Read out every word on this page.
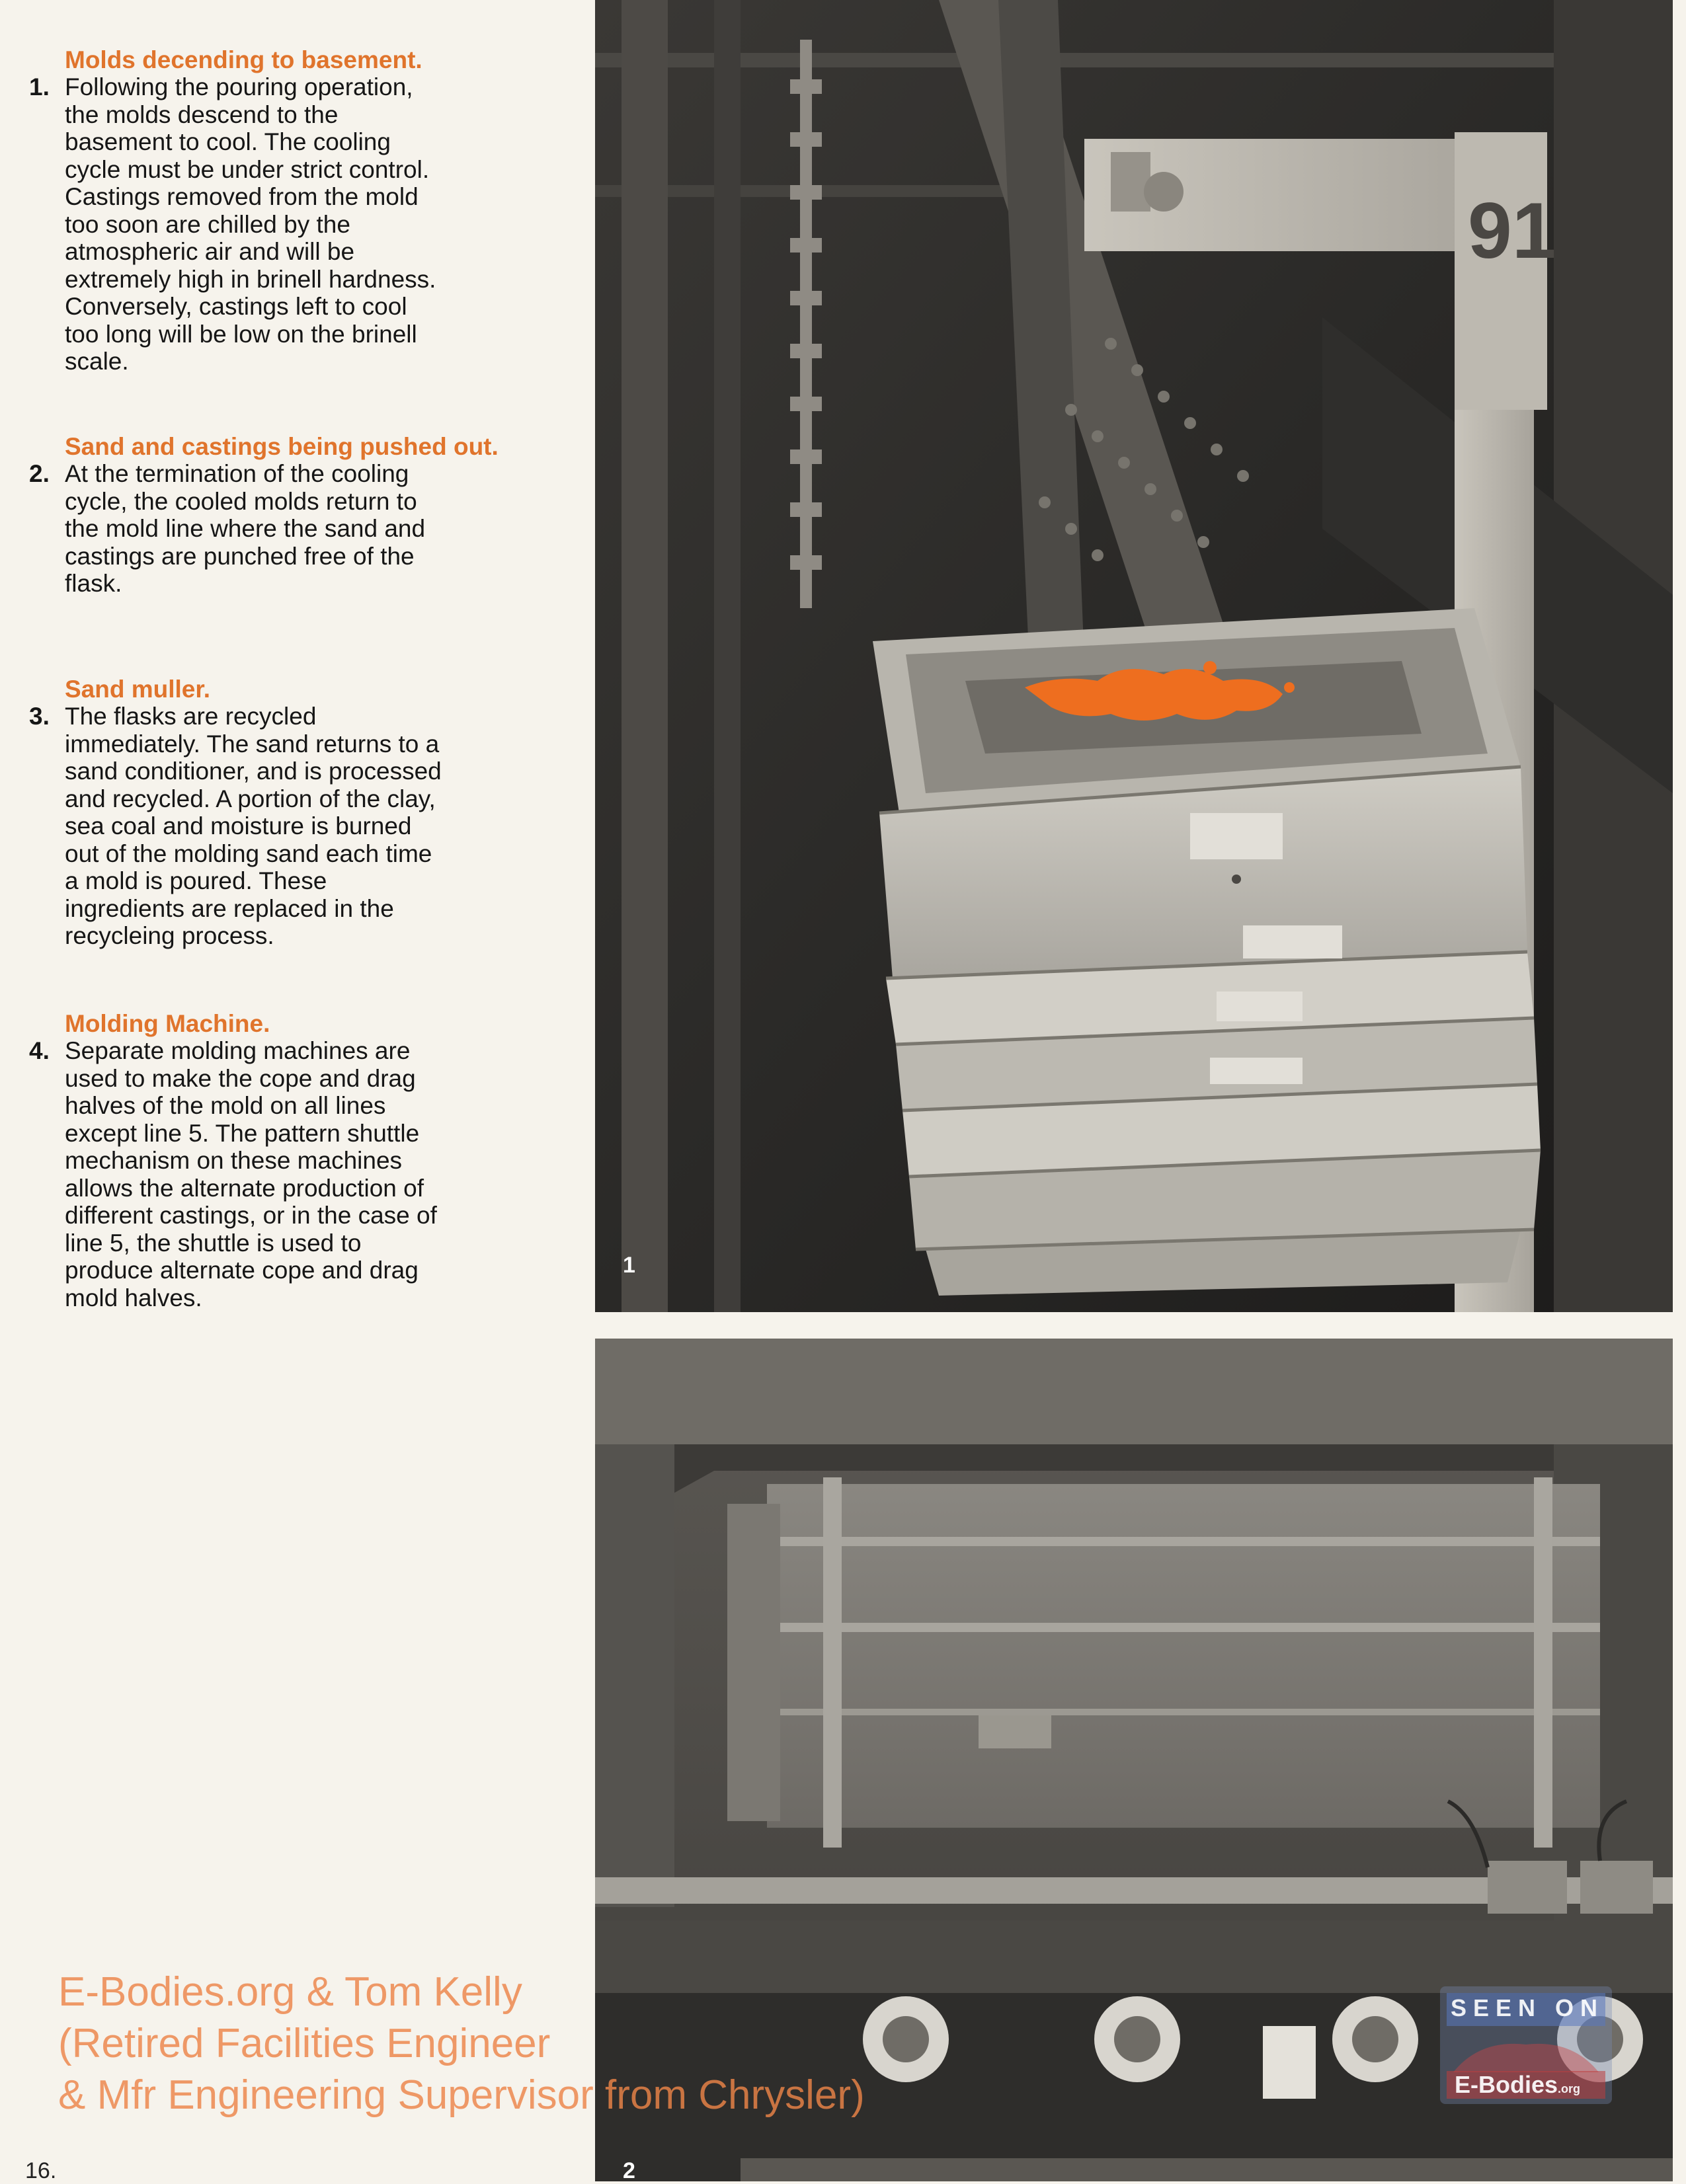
Molds decending to basement.
1. Following the pouring operation,
the molds descend to the
basement to cool. The cooling
cycle must be under strict control.
Castings removed from the mold
too soon are chilled by the
atmospheric air and will be
extremely high in brinell hardness.
Conversely, castings left to cool
too long will be low on the brinell
scale.
Sand and castings being pushed out.
2. At the termination of the cooling
cycle, the cooled molds return to
the mold line where the sand and
castings are punched free of the
flask.
Sand muller.
3. The flasks are recycled
immediately. The sand returns to a
sand conditioner, and is processed
and recycled. A portion of the clay,
sea coal and moisture is burned
out of the molding sand each time
a mold is poured. These
ingredients are replaced in the
recycleing process.
Molding Machine.
4. Separate molding machines are
used to make the cope and drag
halves of the mold on all lines
except line 5. The pattern shuttle
mechanism on these machines
allows the alternate production of
different castings, or in the case of
line 5, the shuttle is used to
produce alternate cope and drag
mold halves.
91
1
2
SEEN ON
E-Bodies.org
E-Bodies.org & Tom Kelly
(Retired Facilities Engineer
& Mfr Engineering Supervisor from Chrysler)
16.
